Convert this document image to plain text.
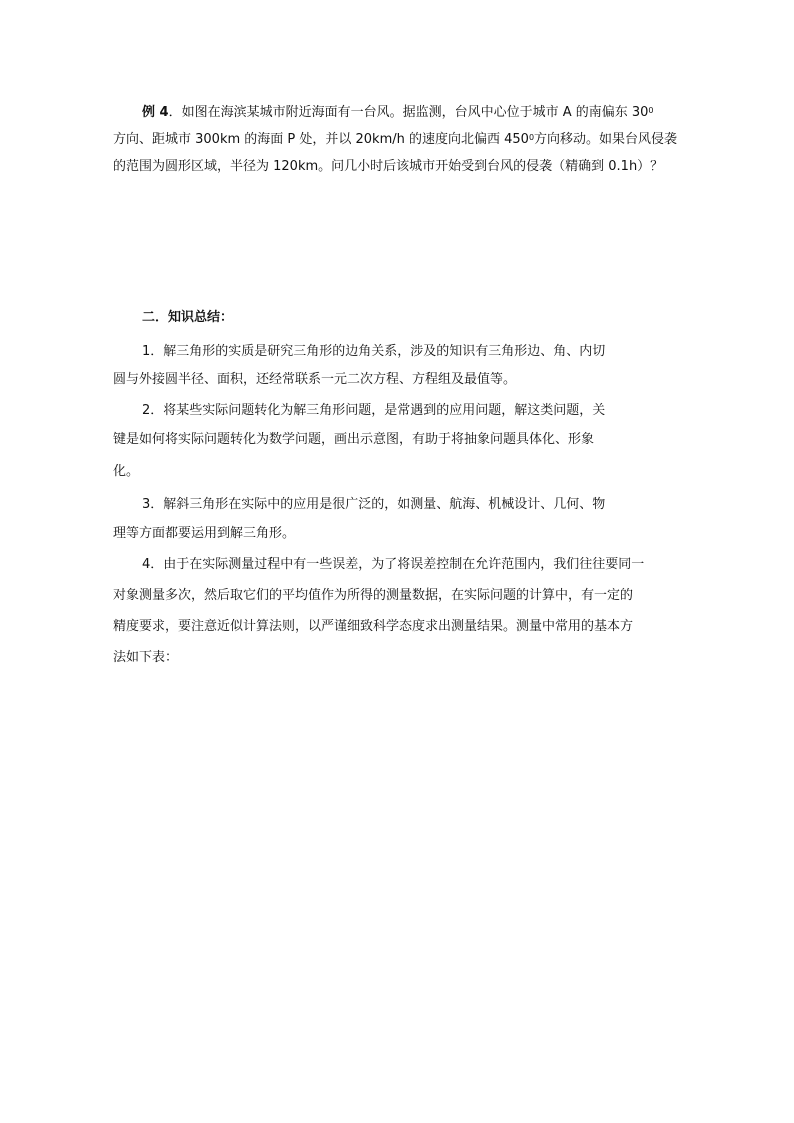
例 4．如图在海滨某城市附近海面有一台风。据监测，台风中心位于城市 A 的南偏东 $30^0$
方向、距城市 300km 的海面 P 处，并以 20km/h 的速度向北偏西 $450^0$方向移动。如果台风侵袭
的范围为圆形区域，半径为 120km。问几小时后该城市开始受到台风的侵袭（精确到 0.1h）？
二．知识总结：
1．解三角形的实质是研究三角形的边角关系，涉及的知识有三角形边、角、内切
圆与外接圆半径、面积，还经常联系一元二次方程、方程组及最值等。
2．将某些实际问题转化为解三角形问题，是常遇到的应用问题，解这类问题，关
键是如何将实际问题转化为数学问题，画出示意图，有助于将抽象问题具体化、形象
化。
3．解斜三角形在实际中的应用是很广泛的，如测量、航海、机械设计、几何、物
理等方面都要运用到解三角形。
4．由于在实际测量过程中有一些误差，为了将误差控制在允许范围内，我们往往要同一
对象测量多次，然后取它们的平均值作为所得的测量数据，在实际问题的计算中，有一定的
精度要求，要注意近似计算法则，以严谨细致科学态度求出测量结果。测量中常用的基本方
法如下表：
